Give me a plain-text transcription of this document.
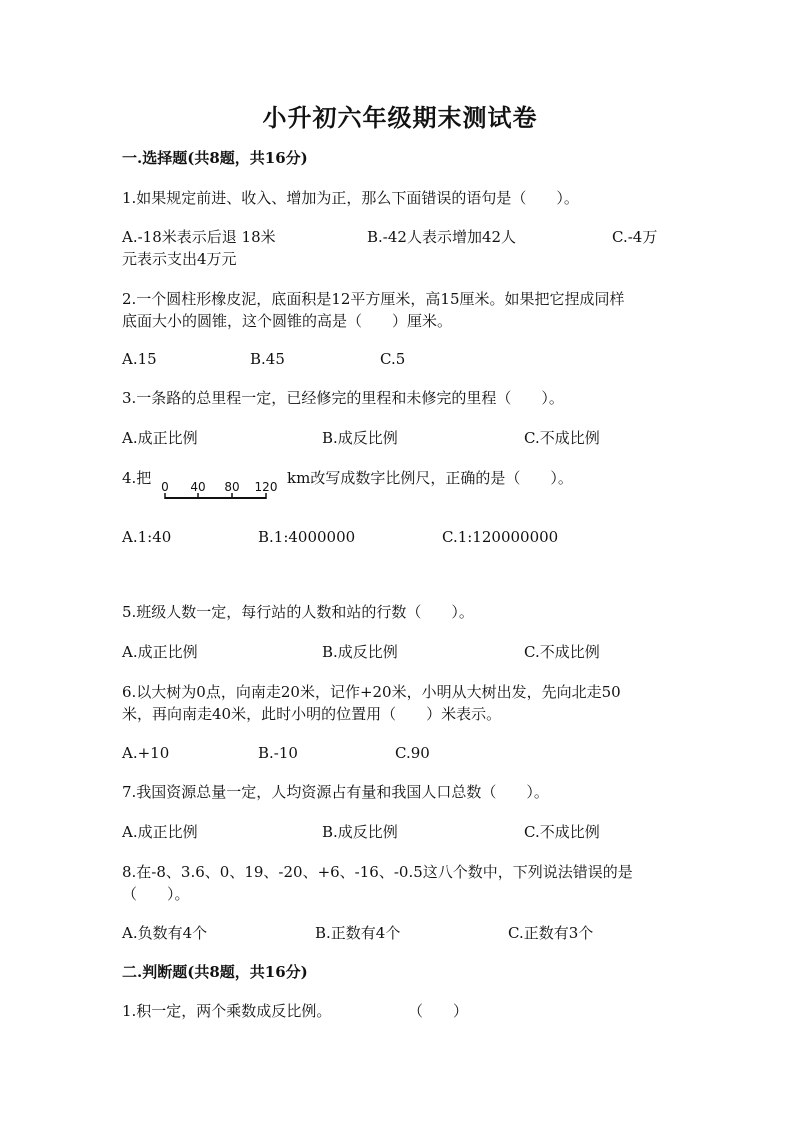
小升初六年级期末测试卷
一.选择题(共8题，共16分)
1.如果规定前进、收入、增加为正，那么下面错误的语句是（　　）。
A.-18米表示后退 18米	B.-42人表示增加42人	C.-4万
元表示支出4万元
2.一个圆柱形橡皮泥，底面积是12平方厘米，高15厘米。如果把它捏成同样
底面大小的圆锥，这个圆锥的高是（　　）厘米。
A.15	B.45	C.5
3.一条路的总里程一定，已经修完的里程和未修完的里程（　　）。
A.成正比例	B.成反比例	C.不成比例
4.把 0 40 80 120 km改写成数字比例尺，正确的是（　　）。
A.1:40	B.1:4000000	C.1:120000000
5.班级人数一定，每行站的人数和站的行数（　　）。
A.成正比例	B.成反比例	C.不成比例
6.以大树为0点，向南走20米，记作+20米，小明从大树出发，先向北走50
米，再向南走40米，此时小明的位置用（　　）米表示。
A.+10	B.-10	C.90
7.我国资源总量一定，人均资源占有量和我国人口总数（　　）。
A.成正比例	B.成反比例	C.不成比例
8.在-8、3.6、0、19、-20、+6、-16、-0.5这八个数中，下列说法错误的是
（　　）。
A.负数有4个	B.正数有4个	C.正数有3个
二.判断题(共8题，共16分)
1.积一定，两个乘数成反比例。	（　　）
